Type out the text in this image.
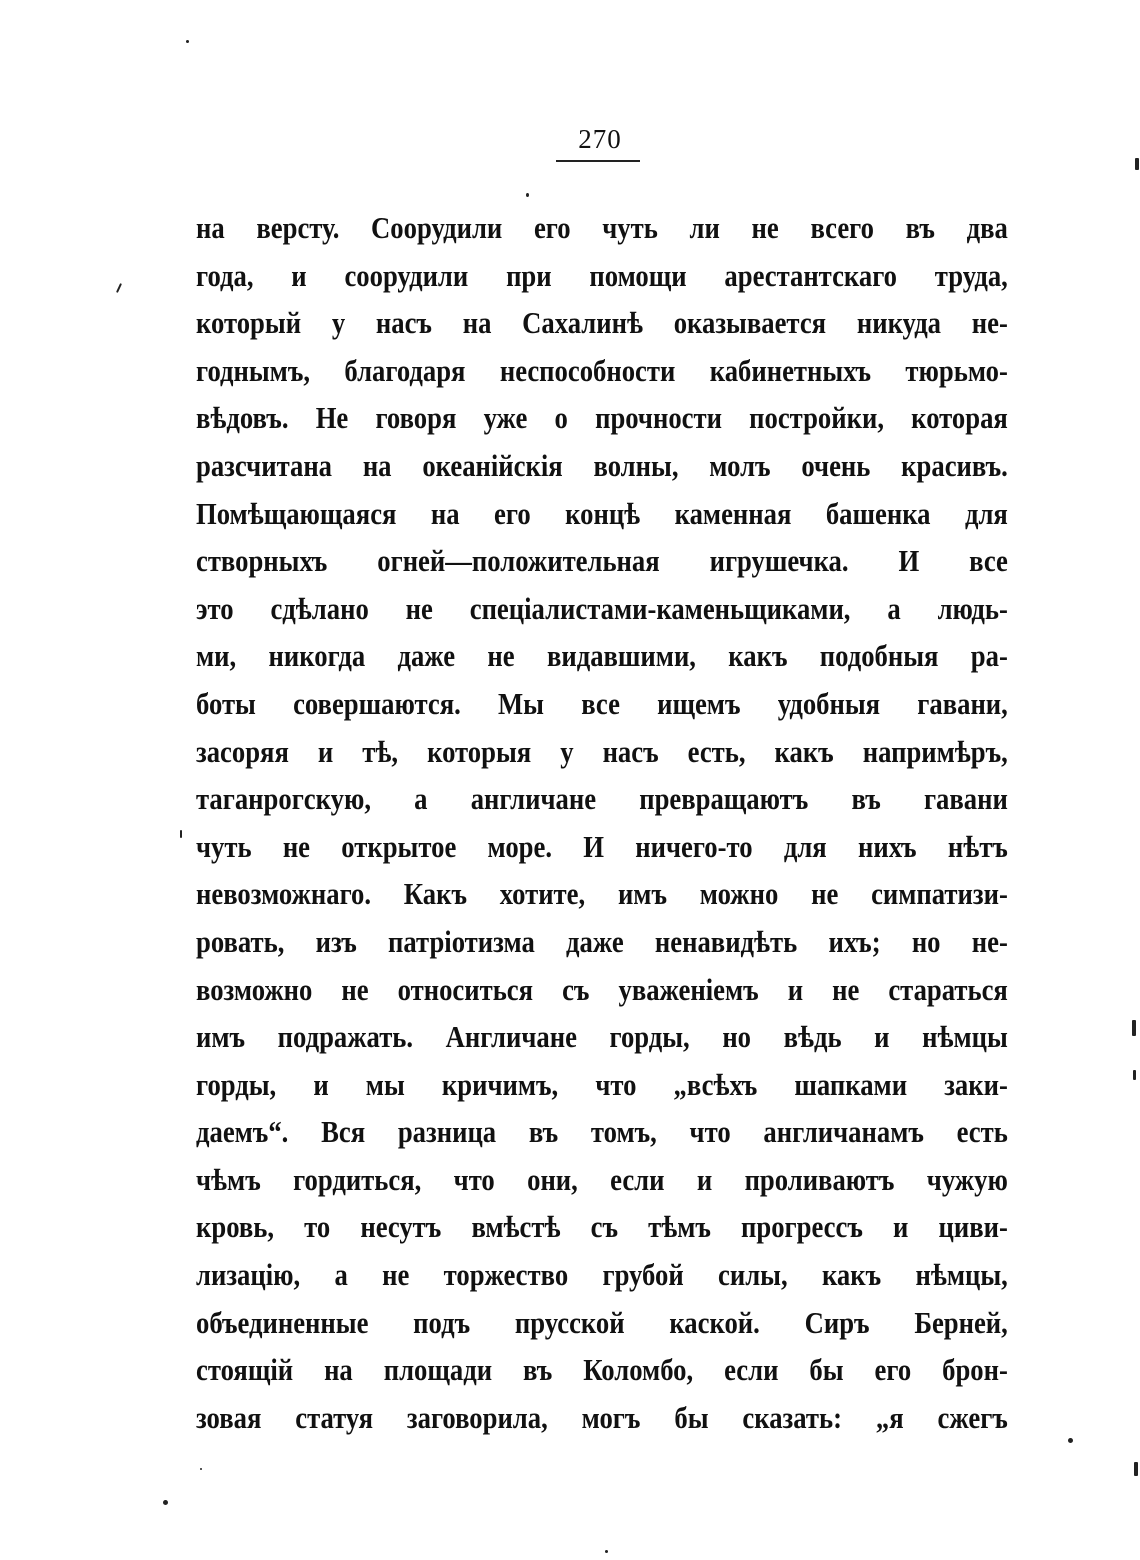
270
на версту. Соорудили его чуть ли не всего въ два
года, и соорудили при помощи арестантскаго труда,
который у насъ на Сахалинѣ оказывается никуда не-
годнымъ, благодаря неспособности кабинетныхъ тюрьмо-
вѣдовъ. Не говоря уже о прочности постройки, которая
разсчитана на океанійскія волны, молъ очень красивъ.
Помѣщающаяся на его концѣ каменная башенка для
створныхъ огней—положительная игрушечка. И все
это сдѣлано не спеціалистами-каменьщиками, а людь-
ми, никогда даже не видавшими, какъ подобныя ра-
боты совершаются. Мы все ищемъ удобныя гавани,
засоряя и тѣ, которыя у насъ есть, какъ напримѣръ,
таганрогскую, а англичане превращаютъ въ гавани
чуть не открытое море. И ничего-то для нихъ нѣтъ
невозможнаго. Какъ хотите, имъ можно не симпатизи-
ровать, изъ патріотизма даже ненавидѣть ихъ; но не-
возможно не относиться съ уваженіемъ и не стараться
имъ подражать. Англичане горды, но вѣдь и нѣмцы
горды, и мы кричимъ, что „всѣхъ шапками заки-
даемъ“. Вся разница въ томъ, что англичанамъ есть
чѣмъ гордиться, что они, если и проливаютъ чужую
кровь, то несутъ вмѣстѣ съ тѣмъ прогрессъ и циви-
лизацію, а не торжество грубой силы, какъ нѣмцы,
объединенные подъ прусской каской. Сиръ Берней,
стоящій на площади въ Коломбо, если бы его брон-
зовая статуя заговорила, могъ бы сказать: „я сжегъ
